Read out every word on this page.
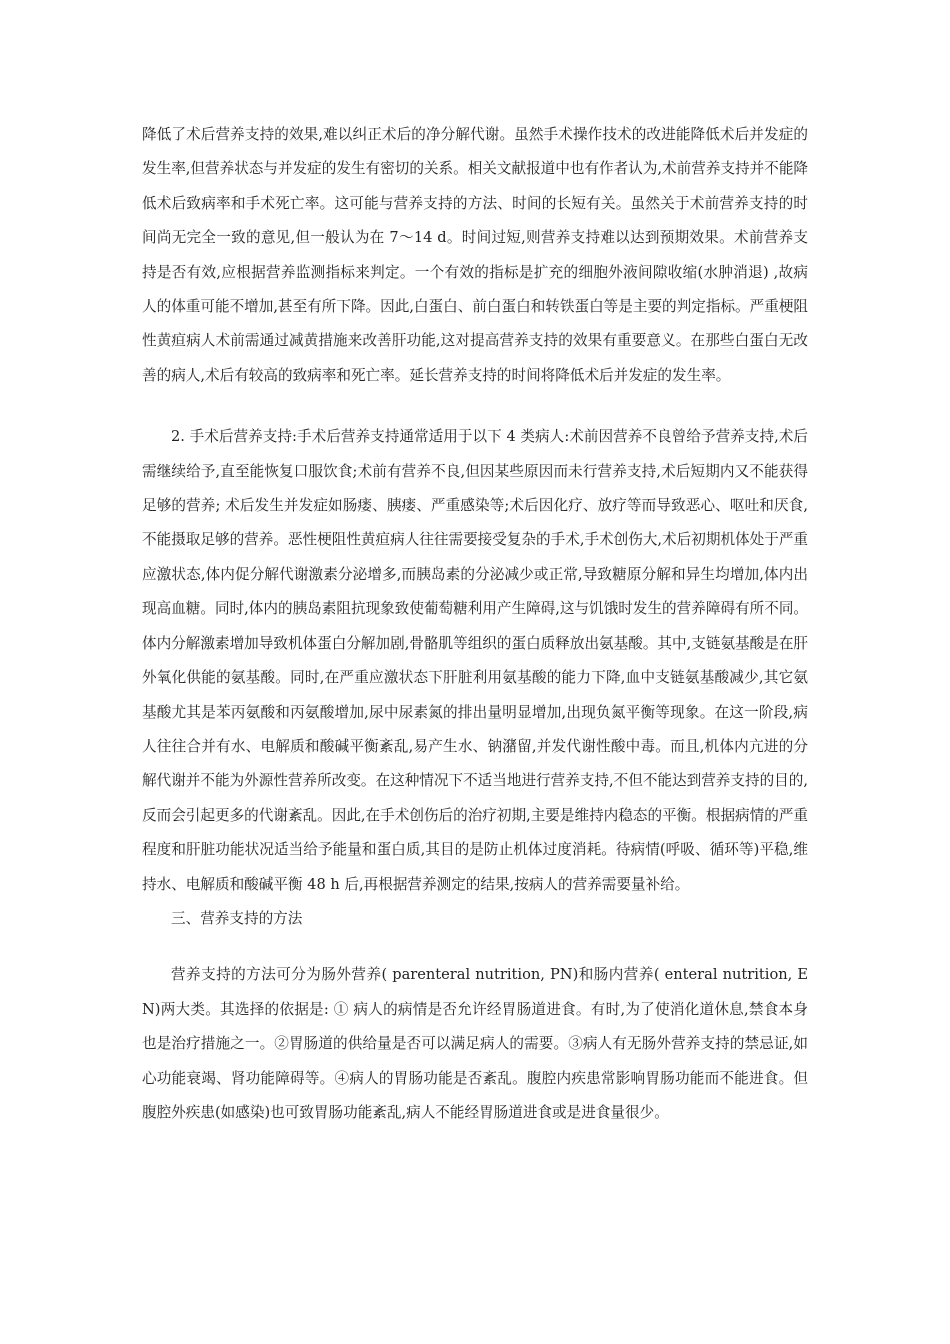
降低了术后营养支持的效果,难以纠正术后的净分解代谢。虽然手术操作技术的改进能降低术后并发症的发生率,但营养状态与并发症的发生有密切的关系。相关文献报道中也有作者认为,术前营养支持并不能降低术后致病率和手术死亡率。这可能与营养支持的方法、时间的长短有关。虽然关于术前营养支持的时间尚无完全一致的意见,但一般认为在 7～14 d。时间过短,则营养支持难以达到预期效果。术前营养支持是否有效,应根据营养监测指标来判定。一个有效的指标是扩充的细胞外液间隙收缩(水肿消退) ,故病人的体重可能不增加,甚至有所下降。因此,白蛋白、前白蛋白和转铁蛋白等是主要的判定指标。严重梗阻性黄疸病人术前需通过减黄措施来改善肝功能,这对提高营养支持的效果有重要意义。在那些白蛋白无改善的病人,术后有较高的致病率和死亡率。延长营养支持的时间将降低术后并发症的发生率。

2. 手术后营养支持:手术后营养支持通常适用于以下 4 类病人:术前因营养不良曾给予营养支持,术后需继续给予,直至能恢复口服饮食;术前有营养不良,但因某些原因而未行营养支持,术后短期内又不能获得足够的营养; 术后发生并发症如肠瘘、胰瘘、严重感染等;术后因化疗、放疗等而导致恶心、呕吐和厌食,不能摄取足够的营养。恶性梗阻性黄疸病人往往需要接受复杂的手术,手术创伤大,术后初期机体处于严重应激状态,体内促分解代谢激素分泌增多,而胰岛素的分泌减少或正常,导致糖原分解和异生均增加,体内出现高血糖。同时,体内的胰岛素阻抗现象致使葡萄糖利用产生障碍,这与饥饿时发生的营养障碍有所不同。体内分解激素增加导致机体蛋白分解加剧,骨骼肌等组织的蛋白质释放出氨基酸。其中,支链氨基酸是在肝外氧化供能的氨基酸。同时,在严重应激状态下肝脏利用氨基酸的能力下降,血中支链氨基酸减少,其它氨基酸尤其是苯丙氨酸和丙氨酸增加,尿中尿素氮的排出量明显增加,出现负氮平衡等现象。在这一阶段,病人往往合并有水、电解质和酸碱平衡紊乱,易产生水、钠潴留,并发代谢性酸中毒。而且,机体内亢进的分解代谢并不能为外源性营养所改变。在这种情况下不适当地进行营养支持,不但不能达到营养支持的目的,反而会引起更多的代谢紊乱。因此,在手术创伤后的治疗初期,主要是维持内稳态的平衡。根据病情的严重程度和肝脏功能状况适当给予能量和蛋白质,其目的是防止机体过度消耗。待病情(呼吸、循环等)平稳,维持水、电解质和酸碱平衡 48 h 后,再根据营养测定的结果,按病人的营养需要量补给。

三、营养支持的方法

营养支持的方法可分为肠外营养( parenteral nutrition, PN)和肠内营养( enteral nutrition, EN)两大类。其选择的依据是: ① 病人的病情是否允许经胃肠道进食。有时,为了使消化道休息,禁食本身也是治疗措施之一。②胃肠道的供给量是否可以满足病人的需要。③病人有无肠外营养支持的禁忌证,如心功能衰竭、肾功能障碍等。④病人的胃肠功能是否紊乱。腹腔内疾患常影响胃肠功能而不能进食。但腹腔外疾患(如感染)也可致胃肠功能紊乱,病人不能经胃肠道进食或是进食量很少。
